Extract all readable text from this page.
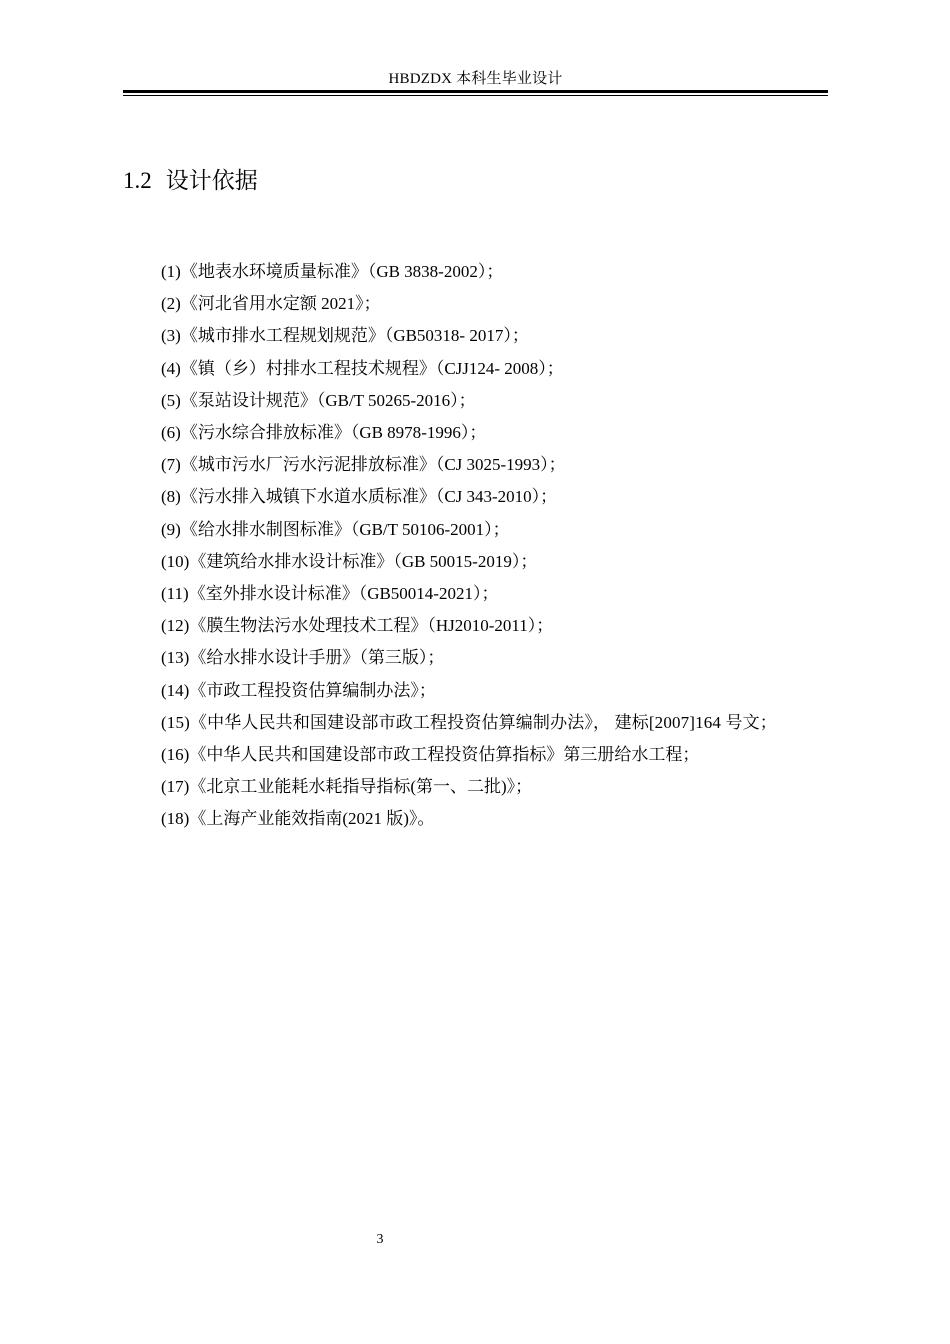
HBDZDX 本科生毕业设计
1.2 设计依据
(1)《地表水环境质量标准》（GB 3838-2002）；
(2)《河北省用水定额 2021》；
(3)《城市排水工程规划规范》（GB50318- 2017）；
(4)《镇（乡）村排水工程技术规程》（CJJ124- 2008）；
(5)《泵站设计规范》（GB/T 50265-2016）；
(6)《污水综合排放标准》（GB 8978-1996）；
(7)《城市污水厂污水污泥排放标准》（CJ 3025-1993）；
(8)《污水排入城镇下水道水质标准》（CJ 343-2010）；
(9)《给水排水制图标准》（GB/T 50106-2001）；
(10)《建筑给水排水设计标准》（GB 50015-2019）；
(11)《室外排水设计标准》（GB50014-2021）；
(12)《膜生物法污水处理技术工程》（HJ2010-2011）；
(13)《给水排水设计手册》（第三版）；
(14)《市政工程投资估算编制办法》；
(15)《中华人民共和国建设部市政工程投资估算编制办法》， 建标[2007]164 号文；
(16)《中华人民共和国建设部市政工程投资估算指标》第三册给水工程；
(17)《北京工业能耗水耗指导指标(第一、二批)》；
(18)《上海产业能效指南(2021 版)》。
3
